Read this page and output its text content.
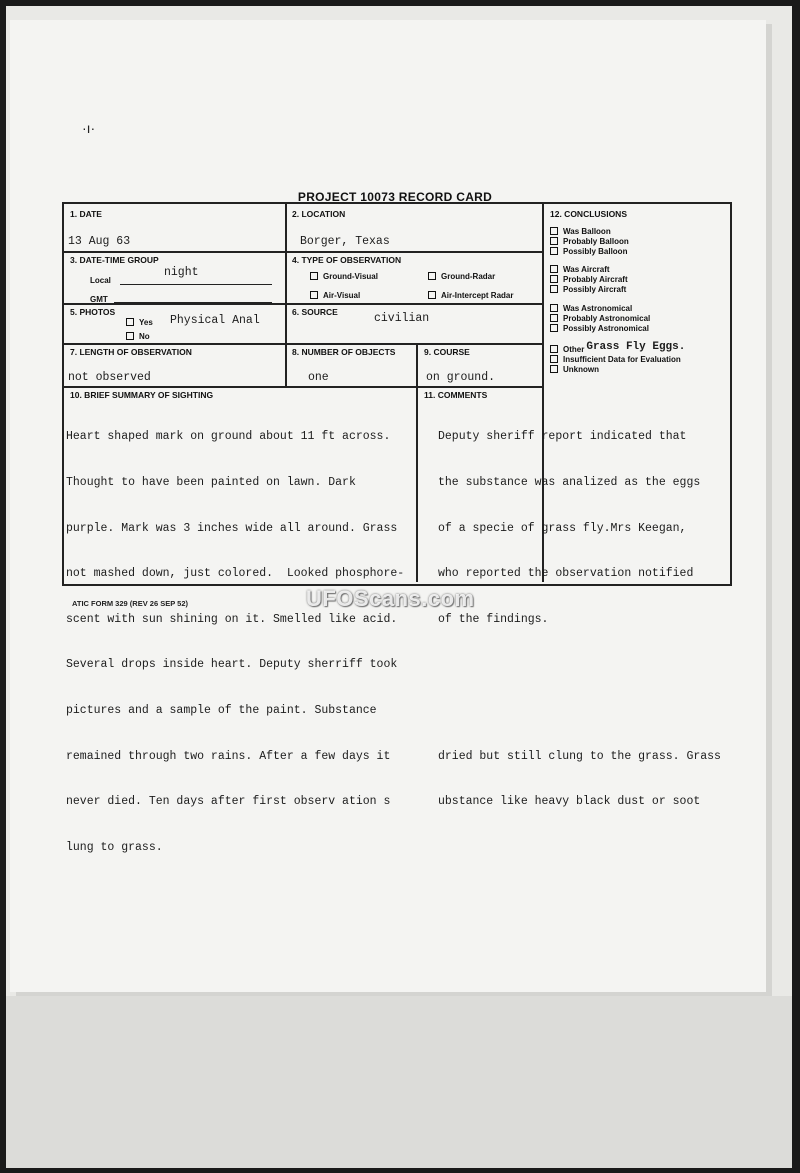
·ı·
PROJECT 10073 RECORD CARD
1. DATE
13 Aug 63
2. LOCATION
Borger, Texas
3. DATE-TIME GROUP
Local
night
GMT
4. TYPE OF OBSERVATION
Ground-Visual	Ground-Radar
Air-Visual	Air-Intercept Radar
5. PHOTOS
Yes Physical Anal
No
6. SOURCE	civilian
7. LENGTH OF OBSERVATION
not observed
8. NUMBER OF OBJECTS
one
9. COURSE
on ground.
10. BRIEF SUMMARY OF SIGHTING

Heart shaped mark on ground about 11 ft across.

Thought to have been painted on lawn. Dark

purple. Mark was 3 inches wide all around. Grass

not mashed down, just colored.  Looked phosphore-

scent with sun shining on it. Smelled like acid.

Several drops inside heart. Deputy sherriff took

pictures and a sample of the paint. Substance

remained through two rains. After a few days it

never died. Ten days after first observ ation s

lung to grass.

11. COMMENTS

Deputy sheriff report indicated that

the substance was analized as the eggs

of a specie of grass fly.Mrs Keegan,

who reported the observation notified

of the findings.

dried but still clung to the grass. Grass

ubstance like heavy black dust or soot

12. CONCLUSIONS
Was Balloon
Probably Balloon
Possibly Balloon
Was Aircraft
Probably Aircraft
Possibly Aircraft
Was Astronomical
Probably Astronomical
Possibly Astronomical
Other Grass Fly Eggs.
Insufficient Data for Evaluation
Unknown
ATIC FORM 329 (REV 26 SEP 52)	UFOScans.com
